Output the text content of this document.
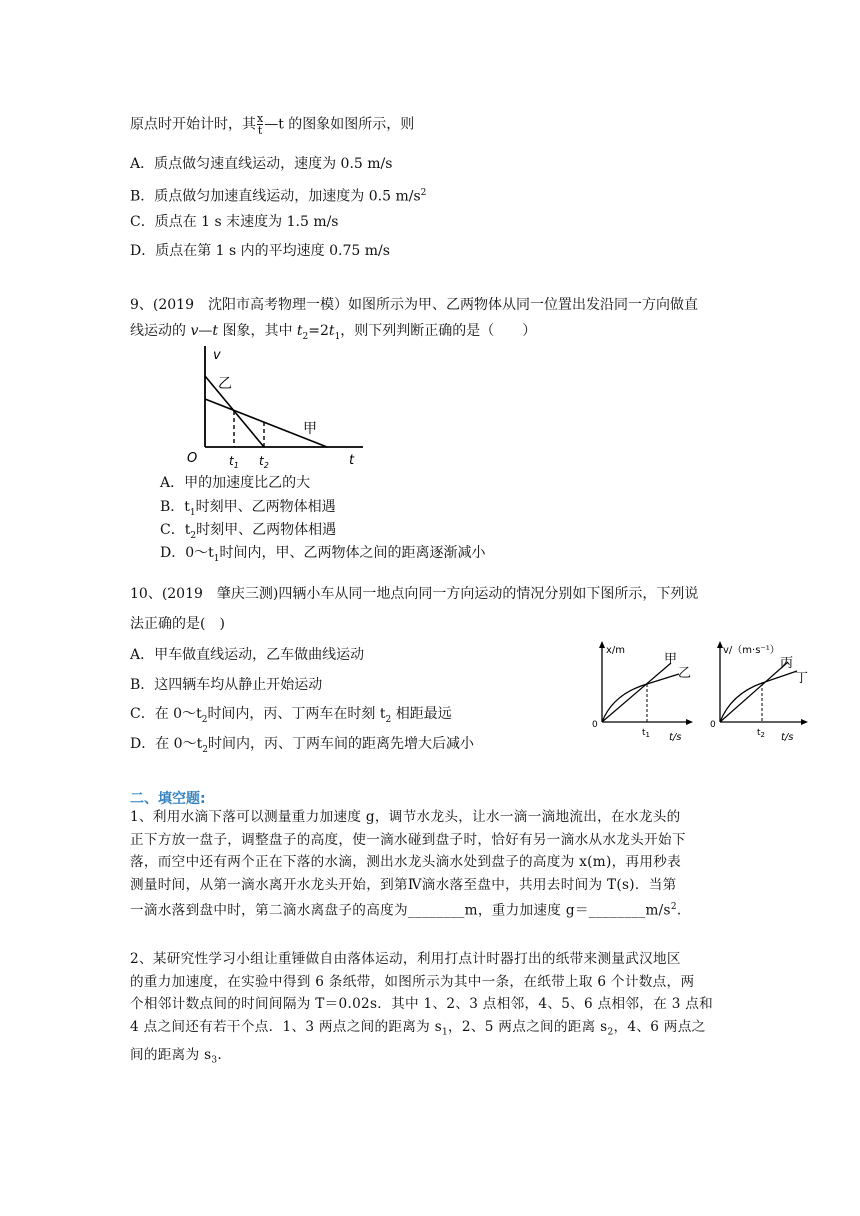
原点时开始计时，其 $\frac{x}{t}$ —t 的图象如图所示，则
A．质点做匀速直线运动，速度为 0.5 m/s
B．质点做匀加速直线运动，加速度为 0.5 $m/s^2$
C．质点在 1 s 末速度为 1.5 m/s
D．质点在第 1 s 内的平均速度 0.75 m/s
9、(2019　沈阳市高考物理一模）如图所示为甲、乙两物体从同一位置出发沿同一方向做直
线运动的 v—t 图象，其中 $t_2=2t_1$，则下列判断正确的是（　　）
v
t
O
乙
甲
$t_1$ $t_2$
A．甲的加速度比乙的大
B．$t_1$时刻甲、乙两物体相遇
C．$t_2$时刻甲、乙两物体相遇
D．$0\sim t_1$时间内，甲、乙两物体之间的距离逐渐减小
10、(2019　肇庆三测)四辆小车从同一地点向同一方向运动的情况分别如下图所示，下列说
法正确的是(　)
A．甲车做直线运动，乙车做曲线运动
B．这四辆车均从静止开始运动
C．在 $0\sim t_2$时间内，丙、丁两车在时刻 $t_2$ 相距最远
D．在 $0\sim t_2$时间内，丙、丁两车间的距离先增大后减小
x/m
t/s
0
甲
乙
$t_1$
v/（m·s⁻¹）
t/s
0
丙
丁
$t_2$
二、填空题:

1、利用水滴下落可以测量重力加速度 g，调节水龙头，让水一滴一滴地流出，在水龙头的

正下方放一盘子，调整盘子的高度，使一滴水碰到盘子时，恰好有另一滴水从水龙头开始下

落，而空中还有两个正在下落的水滴，测出水龙头滴水处到盘子的高度为 x(m)，再用秒表

测量时间，从第一滴水离开水龙头开始，到第Ⅳ滴水落至盘中，共用去时间为 T(s)．当第

一滴水落到盘中时，第二滴水离盘子的高度为________m，重力加速度 $g=\_\_\_\_\_\_\_\_m/s^2$.

2、某研究性学习小组让重锤做自由落体运动，利用打点计时器打出的纸带来测量武汉地区

的重力加速度，在实验中得到 6 条纸带，如图所示为其中一条，在纸带上取 6 个计数点，两

个相邻计数点间的时间间隔为 T＝0.02s．其中 1、2、3 点相邻，4、5、6 点相邻，在 3 点和

4 点之间还有若干个点．1、3 两点之间的距离为 $s_1$，2、5 两点之间的距离 $s_2$，4、6 两点之

间的距离为 $s_3$.
